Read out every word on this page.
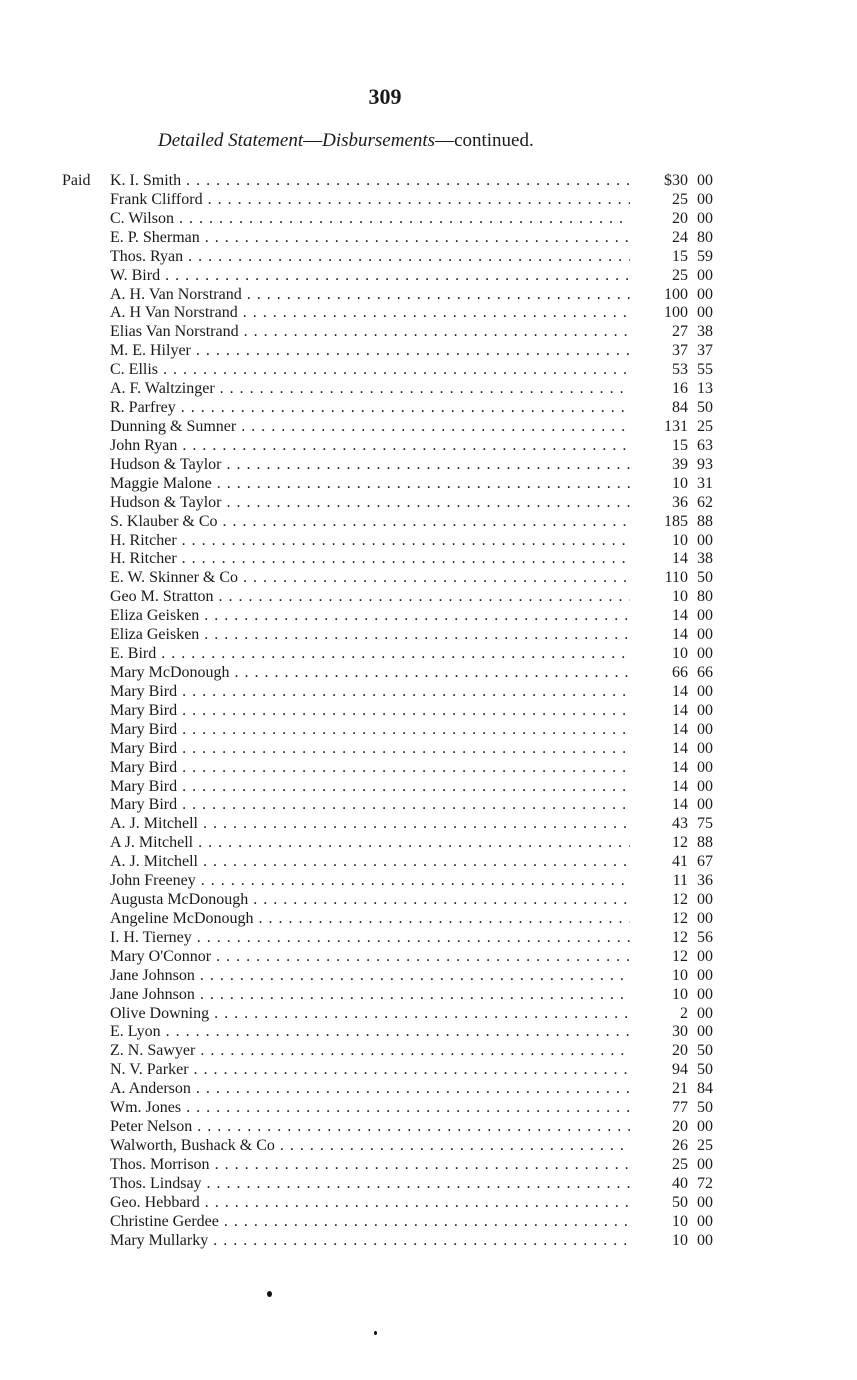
309
Detailed Statement—Disbursements—continued.
Paid K. I. Smith . . .	$30 00
Frank Clifford . . .	25 00
C. Wilson . . .	20 00
E. P. Sherman . . .	24 80
Thos. Ryan . . .	15 59
W. Bird . . .	25 00
A. H. Van Norstrand . . .	100 00
A. H Van Norstrand . . .	100 00
Elias Van Norstrand . . .	27 38
M. E. Hilyer . . .	37 37
C. Ellis . . .	53 55
A. F. Waltzinger . . .	16 13
R. Parfrey . . .	84 50
Dunning & Sumner . . .	131 25
John Ryan . . .	15 63
Hudson & Taylor . . .	39 93
Maggie Malone . . .	10 31
Hudson & Taylor . . .	36 62
S. Klauber & Co . . .	185 88
H. Ritcher . . .	10 00
H. Ritcher . . .	14 38
E. W. Skinner & Co . . .	110 50
Geo M. Stratton . . .	10 80
Eliza Geisken . . .	14 00
Eliza Geisken . . .	14 00
E. Bird . . .	10 00
Mary McDonough . . .	66 66
Mary Bird . . .	14 00
Mary Bird . . .	14 00
Mary Bird . . .	14 00
Mary Bird . . .	14 00
Mary Bird . . .	14 00
Mary Bird . . .	14 00
Mary Bird . . .	14 00
A. J. Mitchell . . .	43 75
A J. Mitchell . . .	12 88
A. J. Mitchell . . .	41 67
John Freeney . . .	11 36
Augusta McDonough . . .	12 00
Angeline McDonough . . .	12 00
I. H. Tierney . . .	12 56
Mary O'Connor . . .	12 00
Jane Johnson . . .	10 00
Jane Johnson . . .	10 00
Olive Downing . . .	2 00
E. Lyon . . .	30 00
Z. N. Sawyer . . .	20 50
N. V. Parker . . .	94 50
A. Anderson . . .	21 84
Wm. Jones . . .	77 50
Peter Nelson . . .	20 00
Walworth, Bushack & Co . . .	26 25
Thos. Morrison . . .	25 00
Thos. Lindsay . . .	40 72
Geo. Hebbard . . .	50 00
Christine Gerdee . . .	10 00
Mary Mullarky . . .	10 00
